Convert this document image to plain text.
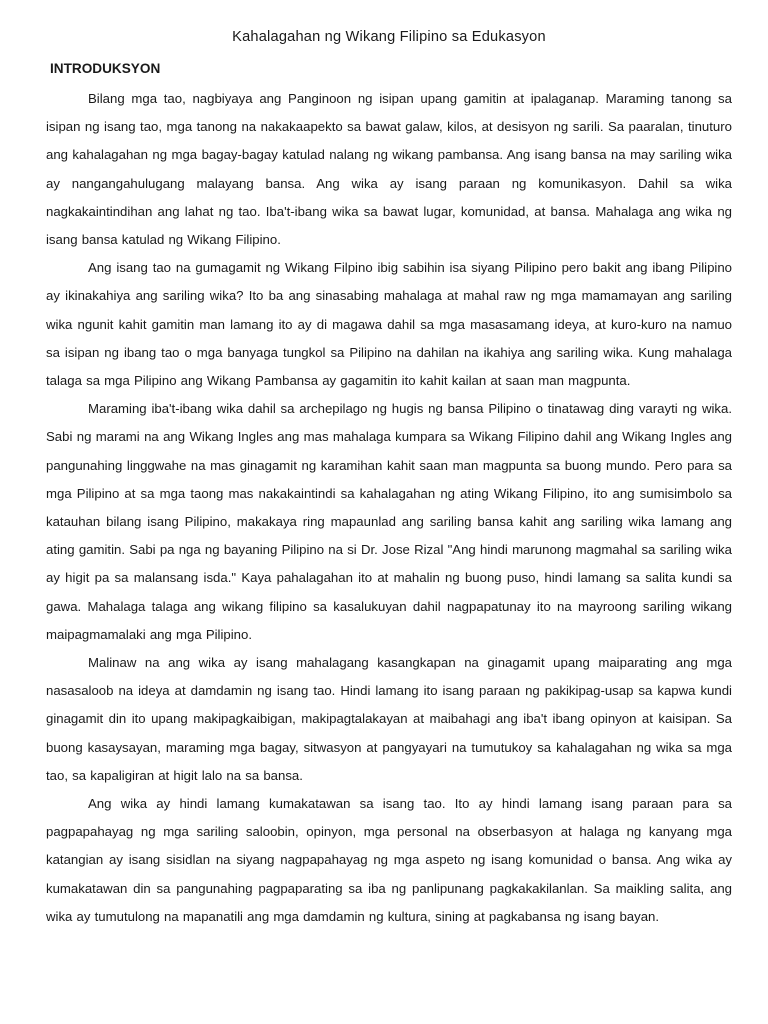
Kahalagahan ng Wikang Filipino sa Edukasyon
INTRODUKSYON

Bilang mga tao, nagbiyaya ang Panginoon ng isipan upang gamitin at ipalaganap. Maraming tanong sa isipan ng isang tao, mga tanong na nakakaapekto sa bawat galaw, kilos, at desisyon ng sarili. Sa paaralan, tinuturo ang kahalagahan ng mga bagay-bagay katulad nalang ng wikang pambansa. Ang isang bansa na may sariling wika ay nangangahulugang malayang bansa. Ang wika ay isang paraan ng komunikasyon. Dahil sa wika nagkakaintindihan ang lahat ng tao. Iba't-ibang wika sa bawat lugar, komunidad, at bansa. Mahalaga ang wika ng isang bansa katulad ng Wikang Filipino.

Ang isang tao na gumagamit ng Wikang Filpino ibig sabihin isa siyang Pilipino pero bakit ang ibang Pilipino ay ikinakahiya ang sariling wika? Ito ba ang sinasabing mahalaga at mahal raw ng mga mamamayan ang sariling wika ngunit kahit gamitin man lamang ito ay di magawa dahil sa mga masasamang ideya, at kuro-kuro na namuo sa isipan ng ibang tao o mga banyaga tungkol sa Pilipino na dahilan na ikahiya ang sariling wika. Kung mahalaga talaga sa mga Pilipino ang Wikang Pambansa ay gagamitin ito kahit kailan at saan man magpunta.

Maraming iba't-ibang wika dahil sa archepilago ng hugis ng bansa Pilipino o tinatawag ding varayti ng wika. Sabi ng marami na ang Wikang Ingles ang mas mahalaga kumpara sa Wikang Filipino dahil ang Wikang Ingles ang pangunahing linggwahe na mas ginagamit ng karamihan kahit saan man magpunta sa buong mundo. Pero para sa mga Pilipino at sa mga taong mas nakakaintindi sa kahalagahan ng ating Wikang Filipino, ito ang sumisimbolo sa katauhan bilang isang Pilipino, makakaya ring mapaunlad ang sariling bansa kahit ang sariling wika lamang ang ating gamitin. Sabi pa nga ng bayaning Pilipino na si Dr. Jose Rizal "Ang hindi marunong magmahal sa sariling wika ay higit pa sa malansang isda." Kaya pahalagahan ito at mahalin ng buong puso, hindi lamang sa salita kundi sa gawa. Mahalaga talaga ang wikang filipino sa kasalukuyan dahil nagpapatunay ito na mayroong sariling wikang maipagmamalaki ang mga Pilipino.

Malinaw na ang wika ay isang mahalagang kasangkapan na ginagamit upang maiparating ang mga nasasaloob na ideya at damdamin ng isang tao. Hindi lamang ito isang paraan ng pakikipag-usap sa kapwa kundi ginagamit din ito upang makipagkaibigan, makipagtalakayan at maibahagi ang iba't ibang opinyon at kaisipan. Sa buong kasaysayan, maraming mga bagay, sitwasyon at pangyayari na tumutukoy sa kahalagahan ng wika sa mga tao, sa kapaligiran at higit lalo na sa bansa.

Ang wika ay hindi lamang kumakatawan sa isang tao. Ito ay hindi lamang isang paraan para sa pagpapahayag ng mga sariling saloobin, opinyon, mga personal na obserbasyon at halaga ng kanyang mga katangian ay isang sisidlan na siyang nagpapahayag ng mga aspeto ng isang komunidad o bansa. Ang wika ay kumakatawan din sa pangunahing pagpaparating sa iba ng panlipunang pagkakakilanlan. Sa maikling salita, ang wika ay tumutulong na mapanatili ang mga damdamin ng kultura, sining at pagkabansa ng isang bayan.
